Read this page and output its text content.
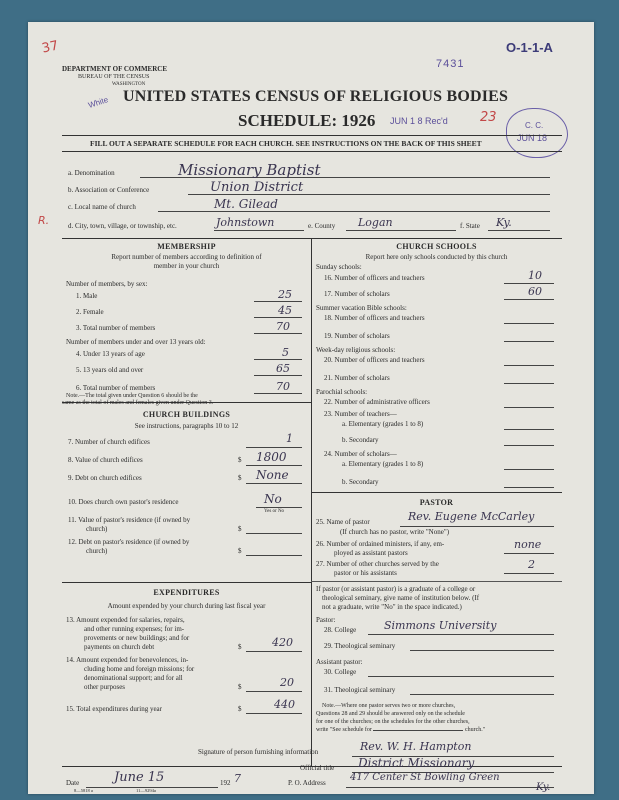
37
DEPARTMENT OF COMMERCE
BUREAU OF THE CENSUS
WASHINGTON
7431
O-1-1-A
White UNITED STATES CENSUS OF RELIGIOUS BODIES
SCHEDULE: 1926 JUN 1 8 Rec'd 23
C. C.
JUN 18
FILL OUT A SEPARATE SCHEDULE FOR EACH CHURCH. SEE INSTRUCTIONS ON THE BACK OF THIS SHEET
a. Denomination	Missionary Baptist
b. Association or Conference	Union District
c. Local name of church	Mt. Gilead
R.	d. City, town, village, or township, etc.	Johnstown	e. County Logan	f. State Ky.
MEMBERSHIP
Report number of members according to definition of
member in your church
Number of members, by sex:
1. Male	25
2. Female	45
3. Total number of members	70
Number of members under and over 13 years old:
4. Under 13 years of age	5
5. 13 years old and over	65
6. Total number of members	70
CHURCH BUILDINGS
See instructions, paragraphs 10 to 12
7. Number of church edifices	1
8. Value of church edifices	$ 1800
9. Debt on church edifices	$ None
10. Does church own pastor's residence	No
Yes or No
11. Value of pastor's residence (if owned by
church)	$
12. Debt on pastor's residence (if owned by
church)	$
EXPENDITURES
Amount expended by your church during last fiscal year
13. Amount expended for salaries, repairs,
and other running expenses; for im-
provements or new buildings; and for
payments on church debt	$	420
14. Amount expended for benevolences, in-
cluding home and foreign missions; for
denominational support; and for all
other purposes	$	20
15. Total expenditures during year	$	440
CHURCH SCHOOLS
Report here only schools conducted by this church
Sunday schools:
16. Number of officers and teachers	10
17. Number of scholars	60
Summer vacation Bible schools:
18. Number of officers and teachers
19. Number of scholars
Week-day religious schools:
20. Number of officers and teachers
21. Number of scholars
Parochial schools:
22. Number of administrative officers
23. Number of teachers—
a. Elementary (grades 1 to 8)
b. Secondary
24. Number of scholars—
a. Elementary (grades 1 to 8)
b. Secondary
PASTOR
25. Name of pastor	Rev. Eugene McCarley
(If church has no pastor, write "None")
26. Number of ordained ministers, if any, em-
ployed as assistant pastors
none
27. Number of other churches served by the
pastor or his assistants
2
If pastor (or assistant pastor) is a graduate of a college or
theological seminary, give name of institution below. (If
not a graduate, write "No" in the space indicated.)
Pastor:
28. College	Simmons University
29. Theological seminary
Assistant pastor:
30. College
31. Theological seminary
Note.—Where one pastor serves two or more churches,
Questions 28 and 29 should be answered only on the schedule
for one of the churches; on the schedules for the other churches,
write "See schedule for	church."
Signature of person furnishing information	Rev. W. H. Hampton
Official title District Missionary
Date	June 15	192 7	P. O. Address 417 Center St Bowling Green
Ky.
8—5818 a	11—9294a
Note.—The total given under Question 6 should be the
same as the total of males and females given under Question 3.
